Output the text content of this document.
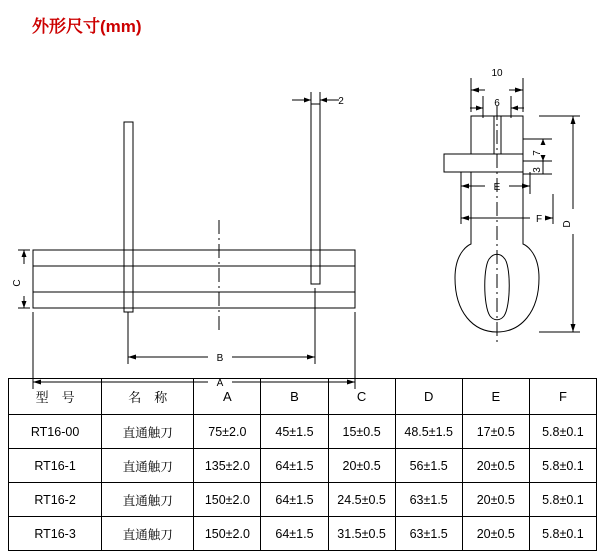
外形尺寸(mm)
2
10
6
7
3
E
F D
C
B
A
型　号	名　称	A	B	C	D	E	F
RT16-00	直通触刀	75±2.0	45±1.5	15±0.5	48.5±1.5	17±0.5	5.8±0.1
RT16-1	直通触刀	135±2.0	64±1.5	20±0.5	56±1.5	20±0.5	5.8±0.1
RT16-2	直通触刀	150±2.0	64±1.5	24.5±0.5	63±1.5	20±0.5	5.8±0.1
RT16-3	直通触刀	150±2.0	64±1.5	31.5±0.5	63±1.5	20±0.5	5.8±0.1
